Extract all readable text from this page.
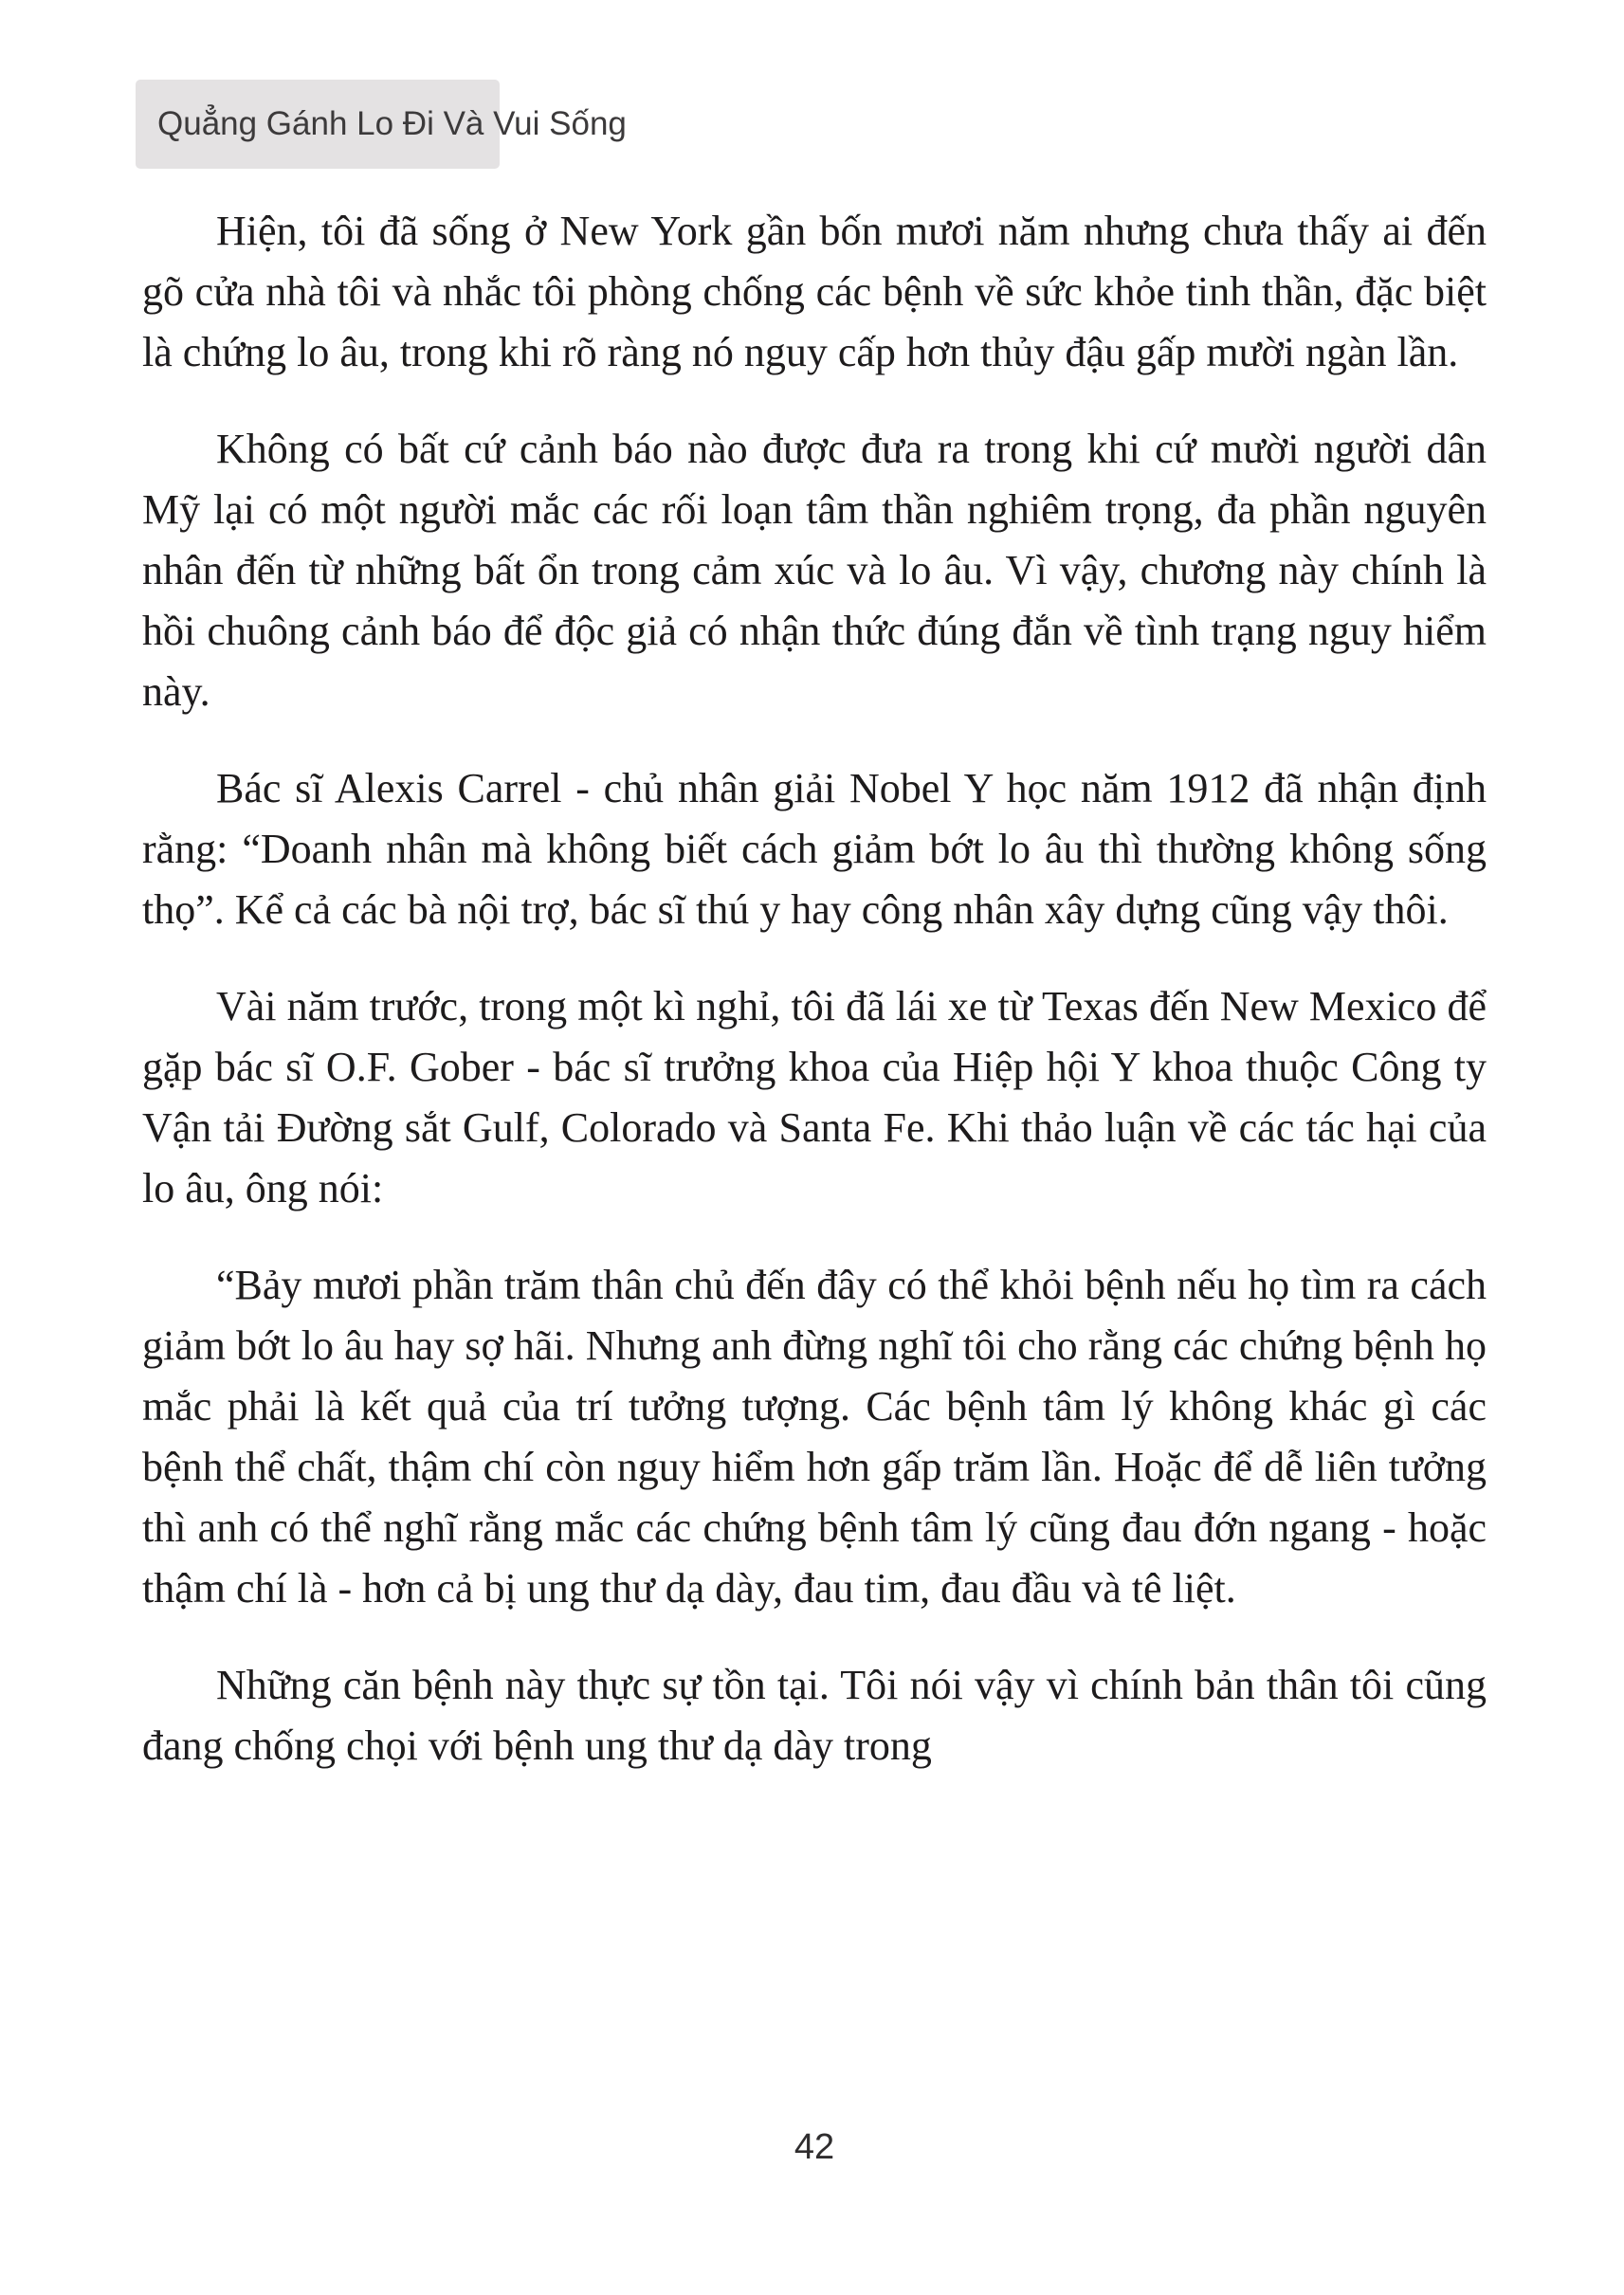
Quẳng Gánh Lo Đi Và Vui Sống

Hiện, tôi đã sống ở New York gần bốn mươi năm nhưng chưa thấy ai đến gõ cửa nhà tôi và nhắc tôi phòng chống các bệnh về sức khỏe tinh thần, đặc biệt là chứng lo âu, trong khi rõ ràng nó nguy cấp hơn thủy đậu gấp mười ngàn lần.

Không có bất cứ cảnh báo nào được đưa ra trong khi cứ mười người dân Mỹ lại có một người mắc các rối loạn tâm thần nghiêm trọng, đa phần nguyên nhân đến từ những bất ổn trong cảm xúc và lo âu. Vì vậy, chương này chính là hồi chuông cảnh báo để độc giả có nhận thức đúng đắn về tình trạng nguy hiểm này.

Bác sĩ Alexis Carrel - chủ nhân giải Nobel Y học năm 1912 đã nhận định rằng: “Doanh nhân mà không biết cách giảm bớt lo âu thì thường không sống thọ”. Kể cả các bà nội trợ, bác sĩ thú y hay công nhân xây dựng cũng vậy thôi.

Vài năm trước, trong một kì nghỉ, tôi đã lái xe từ Texas đến New Mexico để gặp bác sĩ O.F. Gober - bác sĩ trưởng khoa của Hiệp hội Y khoa thuộc Công ty Vận tải Đường sắt Gulf, Colorado và Santa Fe. Khi thảo luận về các tác hại của lo âu, ông nói:

“Bảy mươi phần trăm thân chủ đến đây có thể khỏi bệnh nếu họ tìm ra cách giảm bớt lo âu hay sợ hãi. Nhưng anh đừng nghĩ tôi cho rằng các chứng bệnh họ mắc phải là kết quả của trí tưởng tượng. Các bệnh tâm lý không khác gì các bệnh thể chất, thậm chí còn nguy hiểm hơn gấp trăm lần. Hoặc để dễ liên tưởng thì anh có thể nghĩ rằng mắc các chứng bệnh tâm lý cũng đau đớn ngang - hoặc thậm chí là - hơn cả bị ung thư dạ dày, đau tim, đau đầu và tê liệt.

Những căn bệnh này thực sự tồn tại. Tôi nói vậy vì chính bản thân tôi cũng đang chống chọi với bệnh ung thư dạ dày trong

42
